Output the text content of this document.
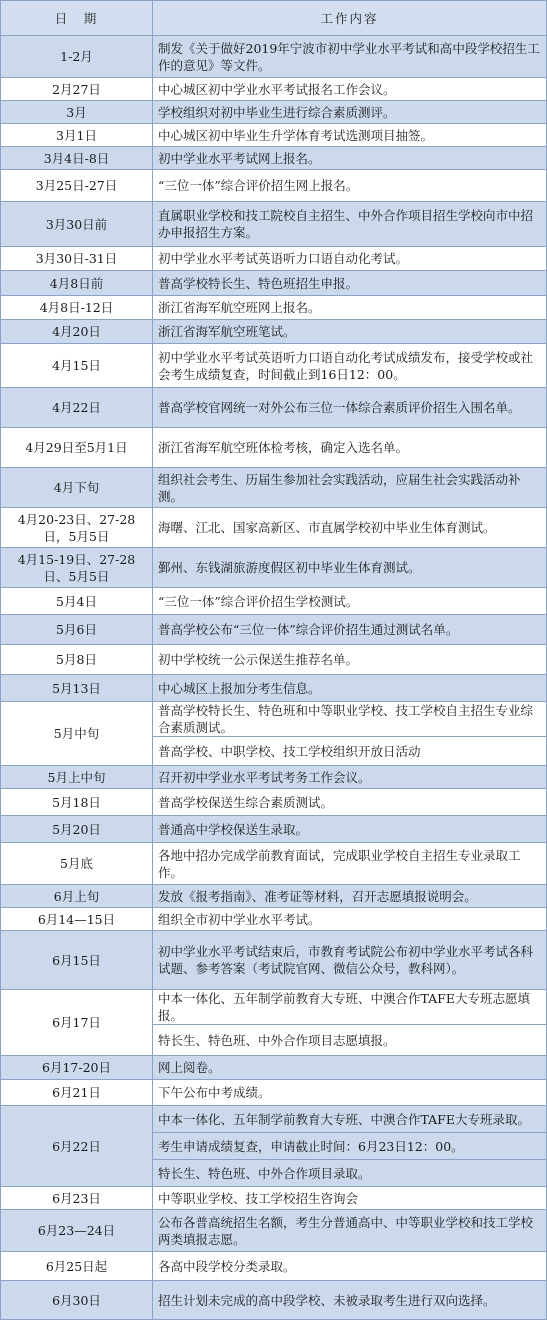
日　期	工作内容
1-2月	制发《关于做好2019年宁波市初中学业水平考试和高中段学校招生工作的意见》等文件。
2月27日	中心城区初中学业水平考试报名工作会议。
3月	学校组织对初中毕业生进行综合素质测评。
3月1日	中心城区初中毕业生升学体育考试选测项目抽签。
3月4日-8日	初中学业水平考试网上报名。
3月25日-27日	“三位一体”综合评价招生网上报名。
3月30日前	直属职业学校和技工院校自主招生、中外合作项目招生学校向市中招办申报招生方案。
3月30日-31日	初中学业水平考试英语听力口语自动化考试。
4月8日前	普高学校特长生、特色班招生申报。
4月8日-12日	浙江省海军航空班网上报名。
4月20日	浙江省海军航空班笔试。
4月15日	初中学业水平考试英语听力口语自动化考试成绩发布，接受学校或社会考生成绩复查，时间截止到16日12：00。
4月22日	普高学校官网统一对外公布三位一体综合素质评价招生入围名单。
4月29日至5月1日	浙江省海军航空班体检考核，确定入选名单。
4月下旬	组织社会考生、历届生参加社会实践活动，应届生社会实践活动补测。
4月20-23日、27-28日，5月5日	海曙、江北、国家高新区、市直属学校初中毕业生体育测试。
4月15-19日、27-28日、5月5日	鄞州、东钱湖旅游度假区初中毕业生体育测试。
5月4日	“三位一体”综合评价招生学校测试。
5月6日	普高学校公布“三位一体”综合评价招生通过测试名单。
5月8日	初中学校统一公示保送生推荐名单。
5月13日	中心城区上报加分考生信息。
5月中旬	普高学校特长生、特色班和中等职业学校、技工学校自主招生专业综合素质测试。
	普高学校、中职学校、技工学校组织开放日活动
5月上中旬	召开初中学业水平考试考务工作会议。
5月18日	普高学校保送生综合素质测试。
5月20日	普通高中学校保送生录取。
5月底	各地中招办完成学前教育面试，完成职业学校自主招生专业录取工作。
6月上旬	发放《报考指南》、准考证等材料，召开志愿填报说明会。
6月14—15日	组织全市初中学业水平考试。
6月15日	初中学业水平考试结束后，市教育考试院公布初中学业水平考试各科试题、参考答案（考试院官网、微信公众号，教科网）。
6月17日	中本一体化、五年制学前教育大专班、中澳合作TAFE大专班志愿填报。
	特长生、特色班、中外合作项目志愿填报。
6月17-20日	网上阅卷。
6月21日	下午公布中考成绩。
6月22日	中本一体化、五年制学前教育大专班、中澳合作TAFE大专班录取。
	考生申请成绩复查，申请截止时间：6月23日12：00。
	特长生、特色班、中外合作项目录取。
6月23日	中等职业学校、技工学校招生咨询会
6月23—24日	公布各普高统招生名额，考生分普通高中、中等职业学校和技工学校两类填报志愿。
6月25日起	各高中段学校分类录取。
6月30日	招生计划未完成的高中段学校、未被录取考生进行双向选择。
